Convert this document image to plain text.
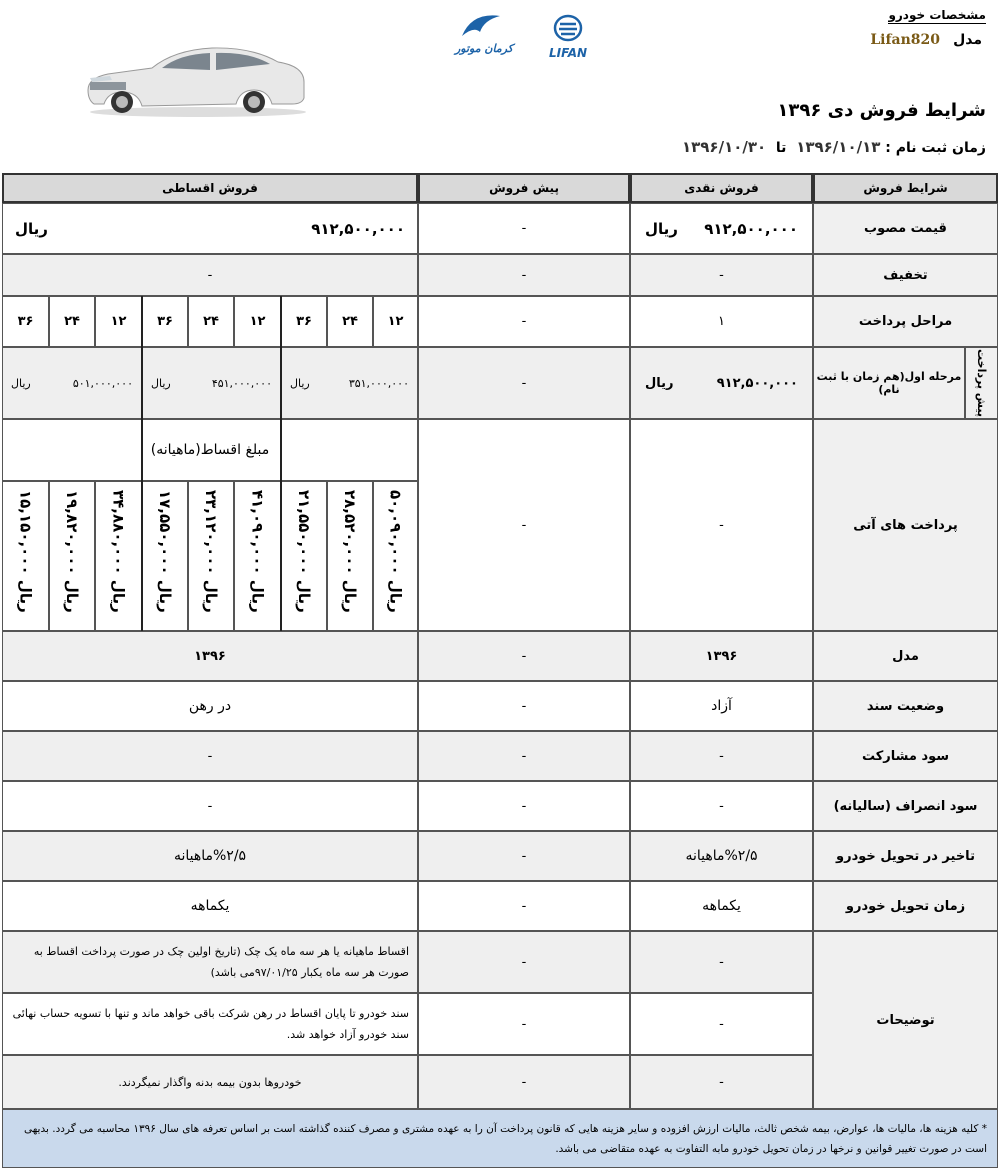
مشخصات خودرو
مدل
Lifan820
کرمان موتور	LIFAN
شرایط فروش دی ۱۳۹۶
زمان ثبت نام : ۱۳۹۶/۱۰/۱۳  تا  ۱۳۹۶/۱۰/۳۰
شرایط فروش
فروش نقدی
پیش فروش
فروش اقساطی
قیمت مصوب
۹۱۲,۵۰۰,۰۰۰
ریال
-
۹۱۲,۵۰۰,۰۰۰
ریال
تخفیف
-
-
-
مراحل پرداخت
۱
-
۱۲
۲۴
۳۶
۱۲
۲۴
۳۶
۱۲
۲۴
۳۶
پیش پرداخت
مرحله اول(هم زمان با ثبت نام)
۹۱۲,۵۰۰,۰۰۰
ریال
-
۳۵۱,۰۰۰,۰۰۰
ریال
۴۵۱,۰۰۰,۰۰۰
ریال
۵۰۱,۰۰۰,۰۰۰
ریال
پرداخت های آتی
-
-
مبلغ اقساط(ماهیانه)
ریال ۵۰,۰۹۰,۰۰۰
ریال ۲۸,۵۲۰,۰۰۰
ریال ۲۱,۵۵۰,۰۰۰
ریال ۴۱,۰۹۰,۰۰۰
ریال ۲۳,۱۲۰,۰۰۰
ریال ۱۷,۵۵۰,۰۰۰
ریال ۳۴,۸۸۰,۰۰۰
ریال ۱۹,۸۲۰,۰۰۰
ریال ۱۵,۱۵۰,۰۰۰
مدل
۱۳۹۶
-
۱۳۹۶
وضعیت سند
آزاد
-
در رهن
سود مشارکت
-
-
-
سود انصراف (سالیانه)
-
-
-
تاخیر در تحویل خودرو
%۲/۵ماهیانه
-
%۲/۵ماهیانه
زمان تحویل خودرو
یکماهه
-
یکماهه
توضیحات
-
-
اقساط ماهیانه یا هر سه ماه یک چک (تاریخ اولین چک در صورت پرداخت اقساط به صورت هر سه ماه یکبار ۹۷/۰۱/۲۵می باشد)
-
-
سند خودرو تا پایان اقساط در رهن شرکت باقی خواهد ماند و تنها با تسویه حساب نهائی سند خودرو آزاد خواهد شد.
-
-
خودروها بدون بیمه بدنه واگذار نمیگردند.
* کلیه هزینه ها، مالیات ها، عوارض، بیمه شخص ثالث، مالیات ارزش افزوده و سایر هزینه هایی که قانون پرداخت آن را به عهده مشتری و مصرف کننده گذاشته است بر اساس تعرفه های سال ۱۳۹۶ محاسبه می گردد. بدیهی است در صورت تغییر قوانین و نرخها در زمان تحویل خودرو مابه التفاوت به عهده متقاضی می باشد.
